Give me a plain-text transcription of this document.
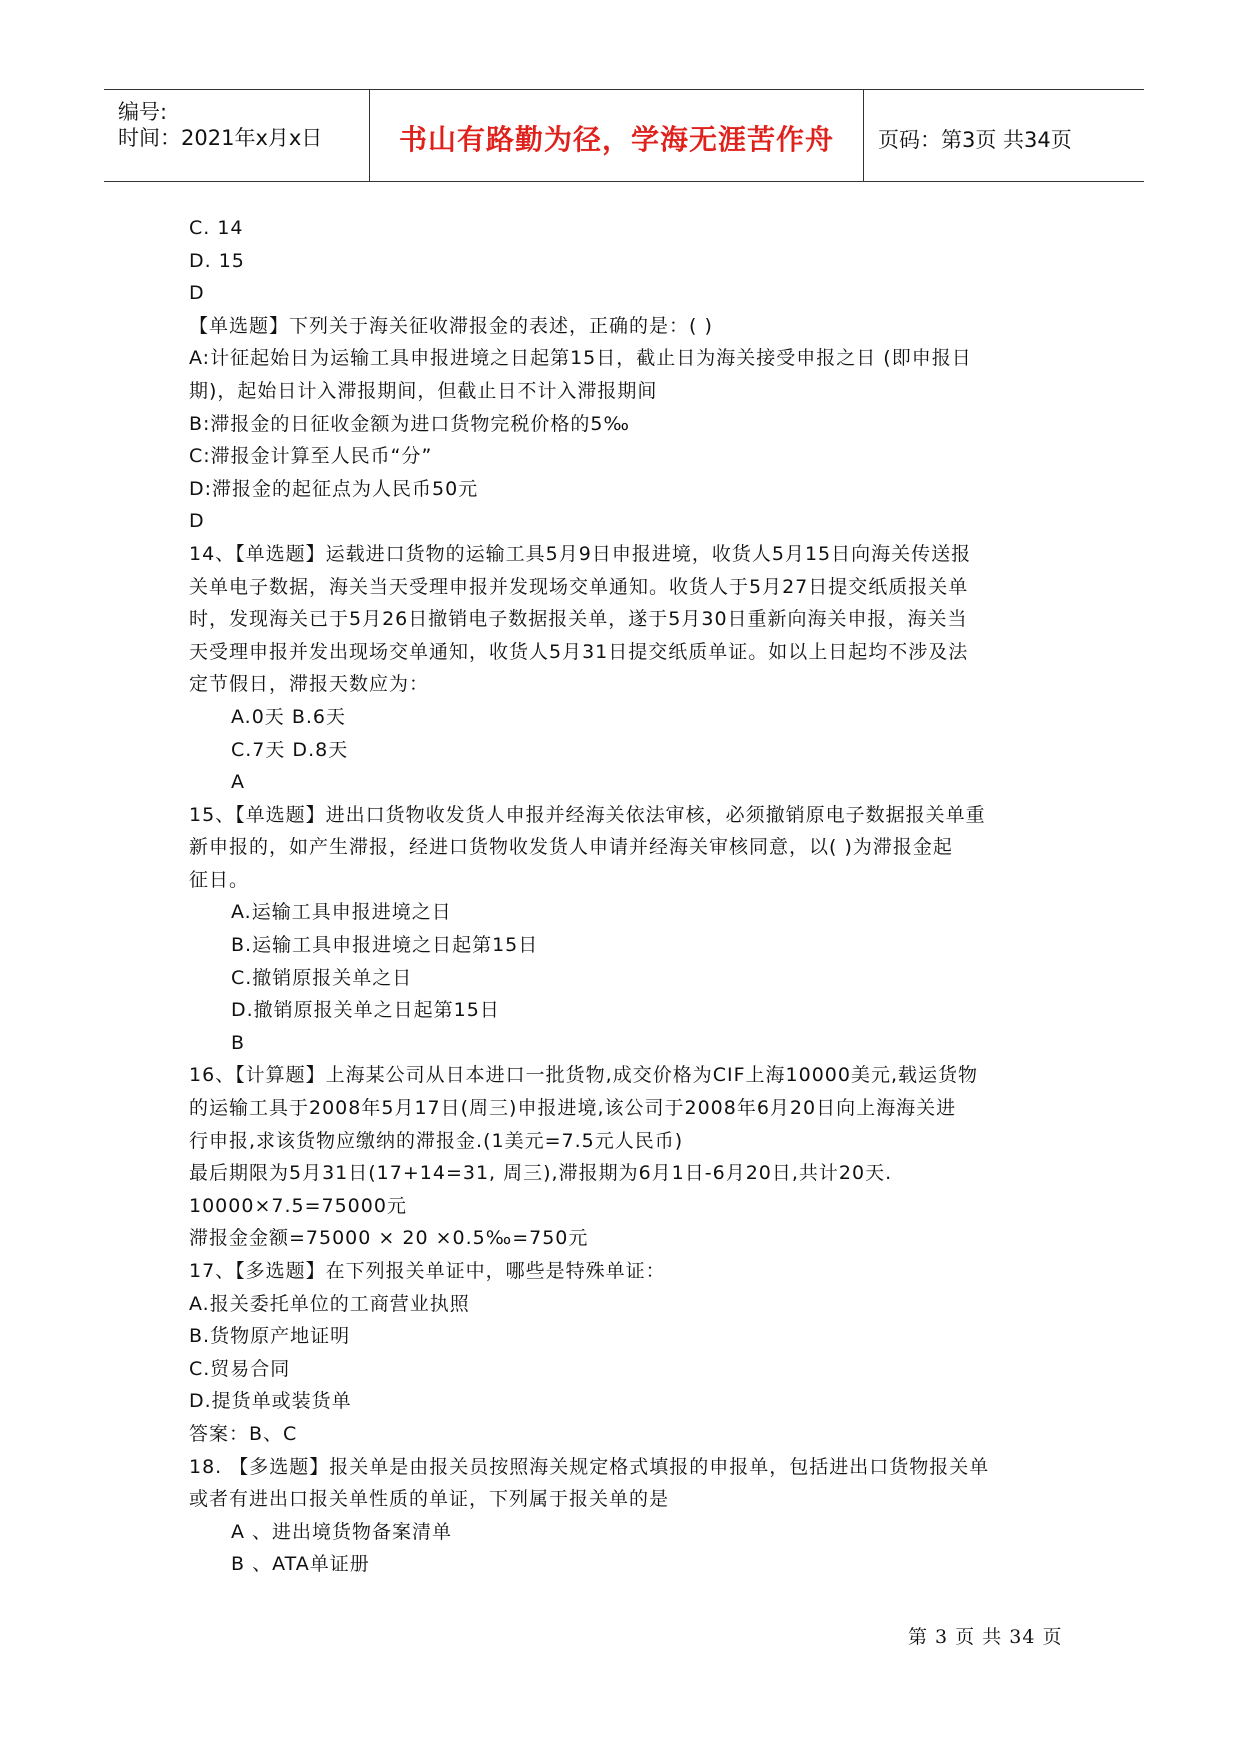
编号:
时间：2021年x月x日	书山有路勤为径，学海无涯苦作舟	页码：第3页 共34页
C. 14
D. 15
D
【单选题】下列关于海关征收滞报金的表述，正确的是：( )
A:计征起始日为运输工具申报进境之日起第15日，截止日为海关接受申报之日 (即申报日
期)，起始日计入滞报期间，但截止日不计入滞报期间
B:滞报金的日征收金额为进口货物完税价格的5‰
C:滞报金计算至人民币“分”
D:滞报金的起征点为人民币50元
D
14、【单选题】运载进口货物的运输工具5月9日申报进境，收货人5月15日向海关传送报
关单电子数据，海关当天受理申报并发现场交单通知。收货人于5月27日提交纸质报关单
时，发现海关已于5月26日撤销电子数据报关单，遂于5月30日重新向海关申报，海关当
天受理申报并发出现场交单通知，收货人5月31日提交纸质单证。如以上日起均不涉及法
定节假日，滞报天数应为：
A.0天 B.6天
C.7天 D.8天
A
15、【单选题】进出口货物收发货人申报并经海关依法审核，必须撤销原电子数据报关单重
新申报的，如产生滞报，经进口货物收发货人申请并经海关审核同意，以( )为滞报金起
征日。
A.运输工具申报进境之日
B.运输工具申报进境之日起第15日
C.撤销原报关单之日
D.撤销原报关单之日起第15日
B
16、【计算题】上海某公司从日本进口一批货物,成交价格为CIF上海10000美元,载运货物
的运输工具于2008年5月17日(周三)申报进境,该公司于2008年6月20日向上海海关进
行申报,求该货物应缴纳的滞报金.(1美元=7.5元人民币)
最后期限为5月31日(17+14=31, 周三),滞报期为6月1日-6月20日,共计20天.
10000×7.5=75000元
滞报金金额=75000 × 20 ×0.5‰=750元
17、【多选题】在下列报关单证中，哪些是特殊单证：
A.报关委托单位的工商营业执照
B.货物原产地证明
C.贸易合同
D.提货单或装货单
答案：B、C
18. 【多选题】报关单是由报关员按照海关规定格式填报的申报单，包括进出口货物报关单
或者有进出口报关单性质的单证，下列属于报关单的是
A 、进出境货物备案清单
B 、ATA单证册
第 3 页 共 34 页
